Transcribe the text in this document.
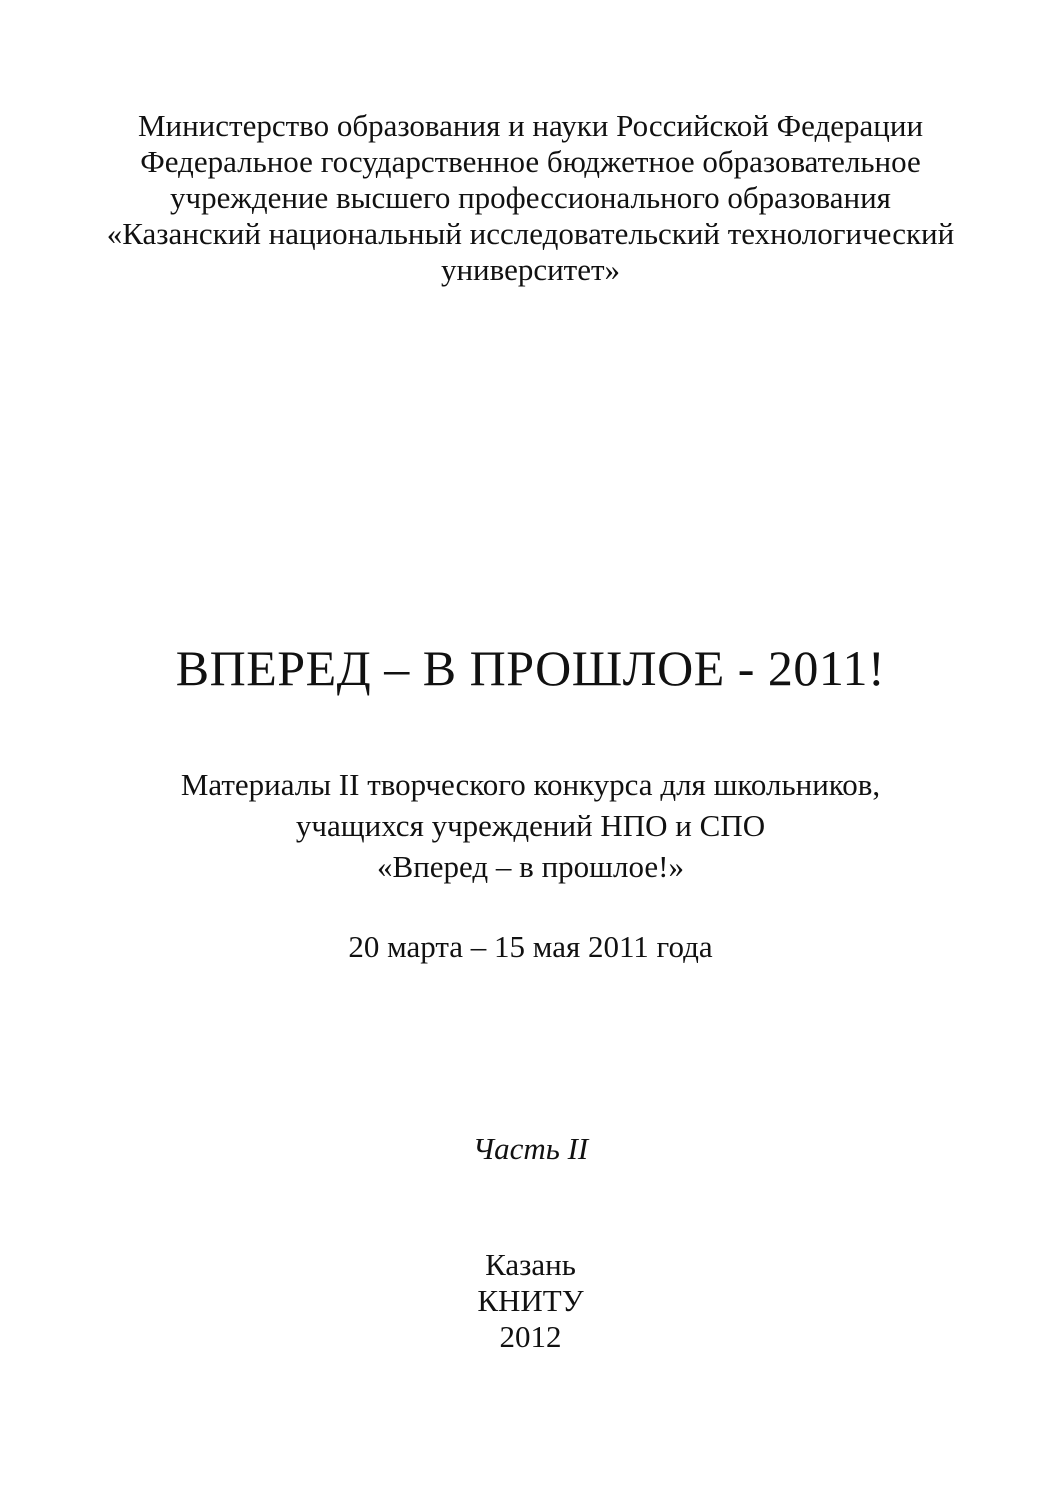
Министерство образования и науки Российской Федерации
Федеральное государственное бюджетное образовательное
учреждение высшего профессионального образования
«Казанский национальный исследовательский технологический
университет»
ВПЕРЕД – В ПРОШЛОЕ - 2011!
Материалы II творческого конкурса для школьников,
учащихся учреждений НПО и СПО
«Вперед – в прошлое!»
20 марта – 15 мая 2011 года
Часть II
Казань
КНИТУ
2012
